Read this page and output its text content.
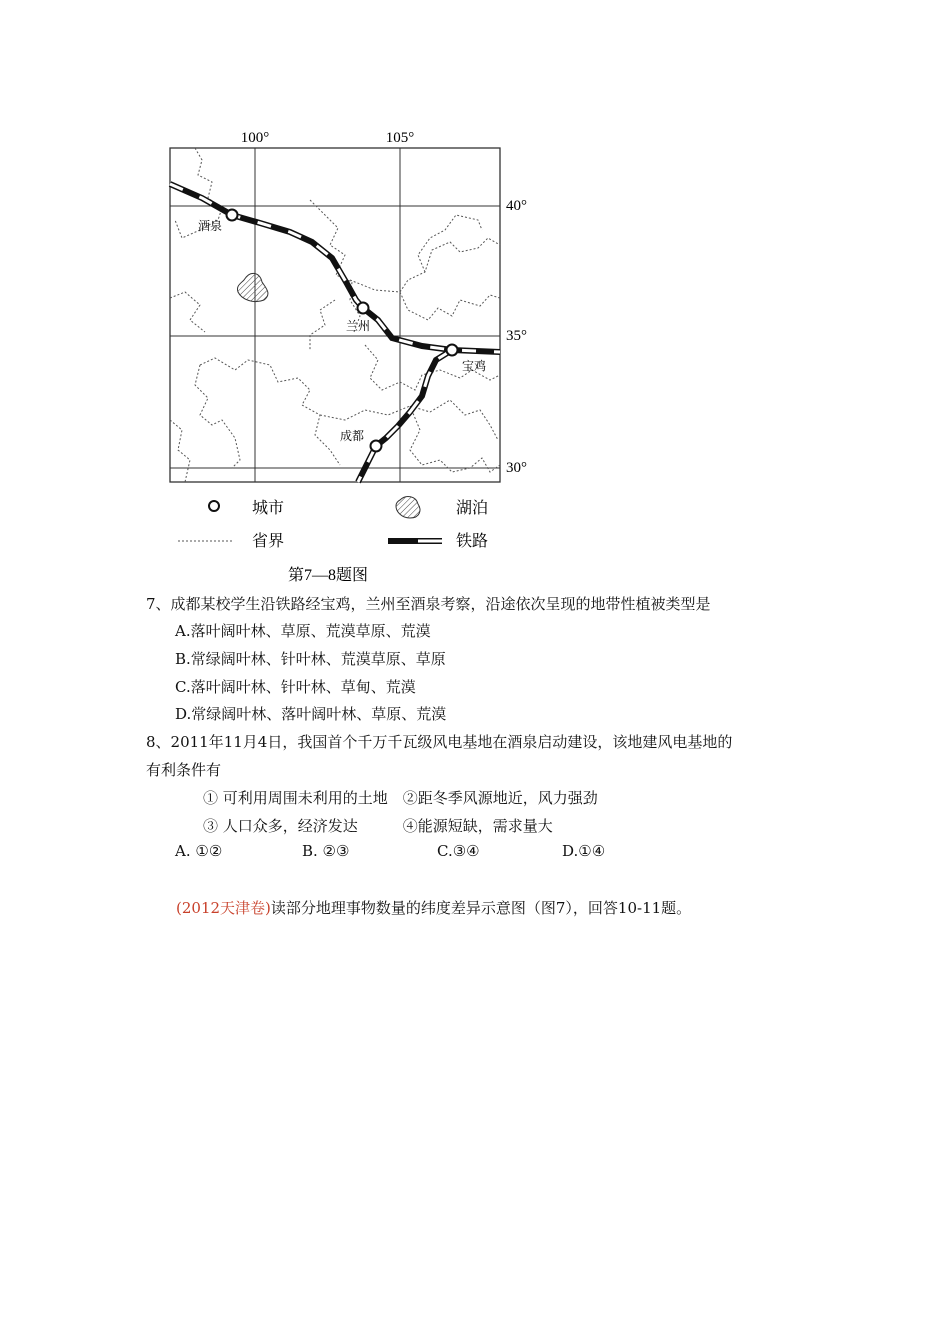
100°	105°
40°
35°
30°
酒泉
兰州
宝鸡
成都
城市	湖泊
省界	铁路
第7—8题图
7、成都某校学生沿铁路经宝鸡，兰州至酒泉考察，沿途依次呈现的地带性植被类型是
A.落叶阔叶林、草原、荒漠草原、荒漠
B.常绿阔叶林、针叶林、荒漠草原、草原
C.落叶阔叶林、针叶林、草甸、荒漠
D.常绿阔叶林、落叶阔叶林、草原、荒漠
8、2011年11月4日，我国首个千万千瓦级风电基地在酒泉启动建设，该地建风电基地的
有利条件有
① 可利用周围未利用的土地　②距冬季风源地近，风力强劲
③ 人口众多，经济发达　　　④能源短缺，需求量大
A. ①②	B. ②③	C.③④	D.①④
(2012天津卷)读部分地理事物数量的纬度差异示意图（图7），回答10-11题。
